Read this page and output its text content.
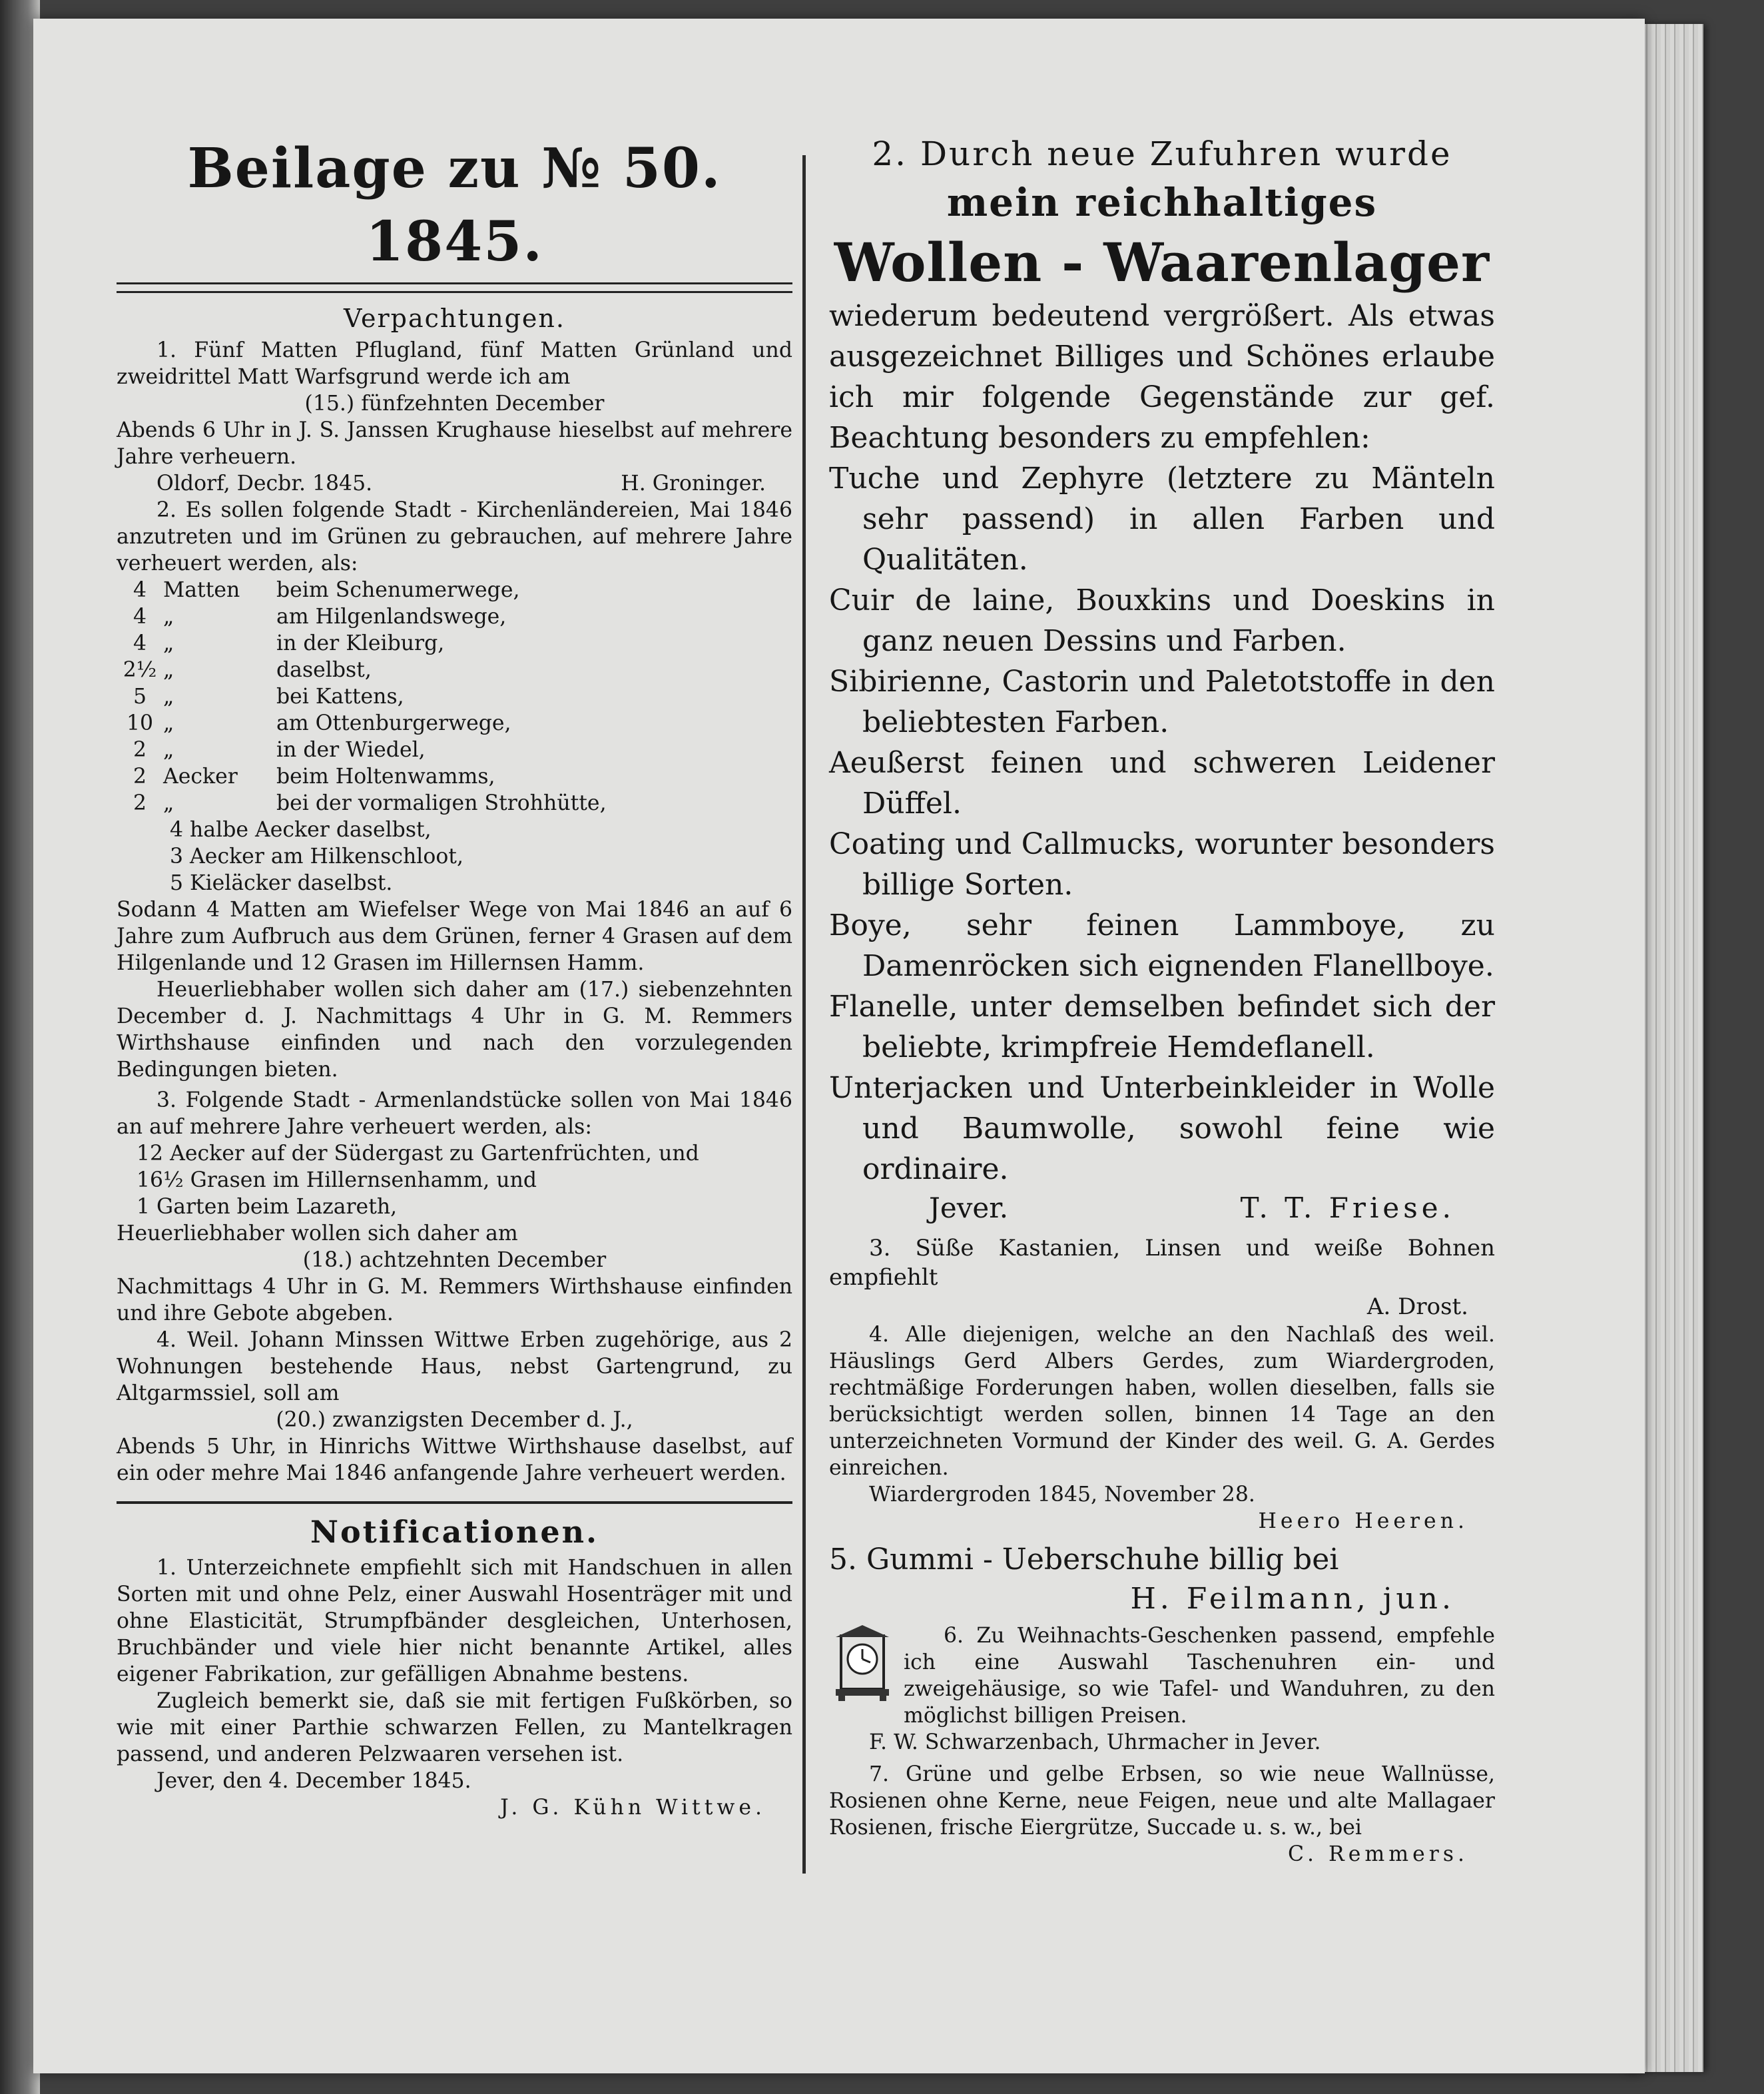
Beilage zu № 50. 1845.
Verpachtungen.

1. Fünf Matten Pflugland, fünf Matten Grünland und zweidrittel Matt Warfsgrund werde ich am

(15.) fünfzehnten December

Abends 6 Uhr in J. S. Janssen Krughause hieselbst auf mehrere Jahre verheuern.

Oldorf, Decbr. 1845.	H. Groninger.

2. Es sollen folgende Stadt - Kirchenländereien, Mai 1846 anzutreten und im Grünen zu gebrauchen, auf mehrere Jahre verheuert werden, als:

4 Matten	beim Schenumerwege,
4 „	am Hilgenlandswege,
4 „	in der Kleiburg,
2½ „	daselbst,
5 „	bei Kattens,
10 „	am Ottenburgerwege,
2 „	in der Wiedel,
2 Aecker	beim Holtenwamms,
2 „	bei der vormaligen Strohhütte,
4 halbe Aecker daselbst,
3 Aecker am Hilkenschloot,
5 Kieläcker daselbst.

Sodann 4 Matten am Wiefelser Wege von Mai 1846 an auf 6 Jahre zum Aufbruch aus dem Grünen, ferner 4 Grasen auf dem Hilgenlande und 12 Grasen im Hillernsen Hamm.

Heuerliebhaber wollen sich daher am (17.) siebenzehnten December d. J. Nachmittags 4 Uhr in G. M. Remmers Wirthshause einfinden und nach den vorzulegenden Bedingungen bieten.

3. Folgende Stadt - Armenlandstücke sollen von Mai 1846 an auf mehrere Jahre verheuert werden, als:

12 Aecker auf der Südergast zu Gartenfrüchten, und
16½ Grasen im Hillernsenhamm, und
1 Garten beim Lazareth,

Heuerliebhaber wollen sich daher am

(18.) achtzehnten December

Nachmittags 4 Uhr in G. M. Remmers Wirthshause einfinden und ihre Gebote abgeben.

4. Weil. Johann Minssen Wittwe Erben zugehörige, aus 2 Wohnungen bestehende Haus, nebst Gartengrund, zu Altgarmssiel, soll am

(20.) zwanzigsten December d. J.,

Abends 5 Uhr, in Hinrichs Wittwe Wirthshause daselbst, auf ein oder mehre Mai 1846 anfangende Jahre verheuert werden.

Notificationen.

1. Unterzeichnete empfiehlt sich mit Handschuen in allen Sorten mit und ohne Pelz, einer Auswahl Hosenträger mit und ohne Elasticität, Strumpfbänder desgleichen, Unterhosen, Bruchbänder und viele hier nicht benannte Artikel, alles eigener Fabrikation, zur gefälligen Abnahme bestens.

Zugleich bemerkt sie, daß sie mit fertigen Fußkörben, so wie mit einer Parthie schwarzen Fellen, zu Mantelkragen passend, und anderen Pelzwaaren versehen ist.

Jever, den 4. December 1845.
J. G. Kühn Wittwe.
2. Durch neue Zufuhren wurde
mein reichhaltiges
Wollen - Waarenlager

wiederum bedeutend vergrößert. Als etwas ausgezeichnet Billiges und Schönes erlaube ich mir folgende Gegenstände zur gef. Beachtung besonders zu empfehlen:

Tuche und Zephyre (letztere zu Mänteln sehr passend) in allen Farben und Qualitäten.

Cuir de laine, Bouxkins und Doeskins in ganz neuen Dessins und Farben.

Sibirienne, Castorin und Paletotstoffe in den beliebtesten Farben.

Aeußerst feinen und schweren Leidener Düffel.

Coating und Callmucks, worunter besonders billige Sorten.

Boye, sehr feinen Lammboye, zu Damenröcken sich eignenden Flanellboye.

Flanelle, unter demselben befindet sich der beliebte, krimpfreie Hemdeflanell.

Unterjacken und Unterbeinkleider in Wolle und Baumwolle, sowohl feine wie ordinaire.

Jever.	T. T. Friese.

3. Süße Kastanien, Linsen und weiße Bohnen empfiehlt

A. Drost.

4. Alle diejenigen, welche an den Nachlaß des weil. Häuslings Gerd Albers Gerdes, zum Wiardergroden, rechtmäßige Forderungen haben, wollen dieselben, falls sie berücksichtigt werden sollen, binnen 14 Tage an den unterzeichneten Vormund der Kinder des weil. G. A. Gerdes einreichen.

Wiardergroden 1845, November 28.
Heero Heeren.

5. Gummi - Ueberschuhe billig bei

H. Feilmann, jun.

6. Zu Weihnachts-Geschenken passend, empfehle ich eine Auswahl Taschenuhren ein- und zweigehäusige, so wie Tafel- und Wanduhren, zu den möglichst billigen Preisen.

F. W. Schwarzenbach, Uhrmacher in Jever.

7. Grüne und gelbe Erbsen, so wie neue Wallnüsse, Rosienen ohne Kerne, neue Feigen, neue und alte Mallagaer Rosienen, frische Eiergrütze, Succade u. s. w., bei

C. Remmers.
